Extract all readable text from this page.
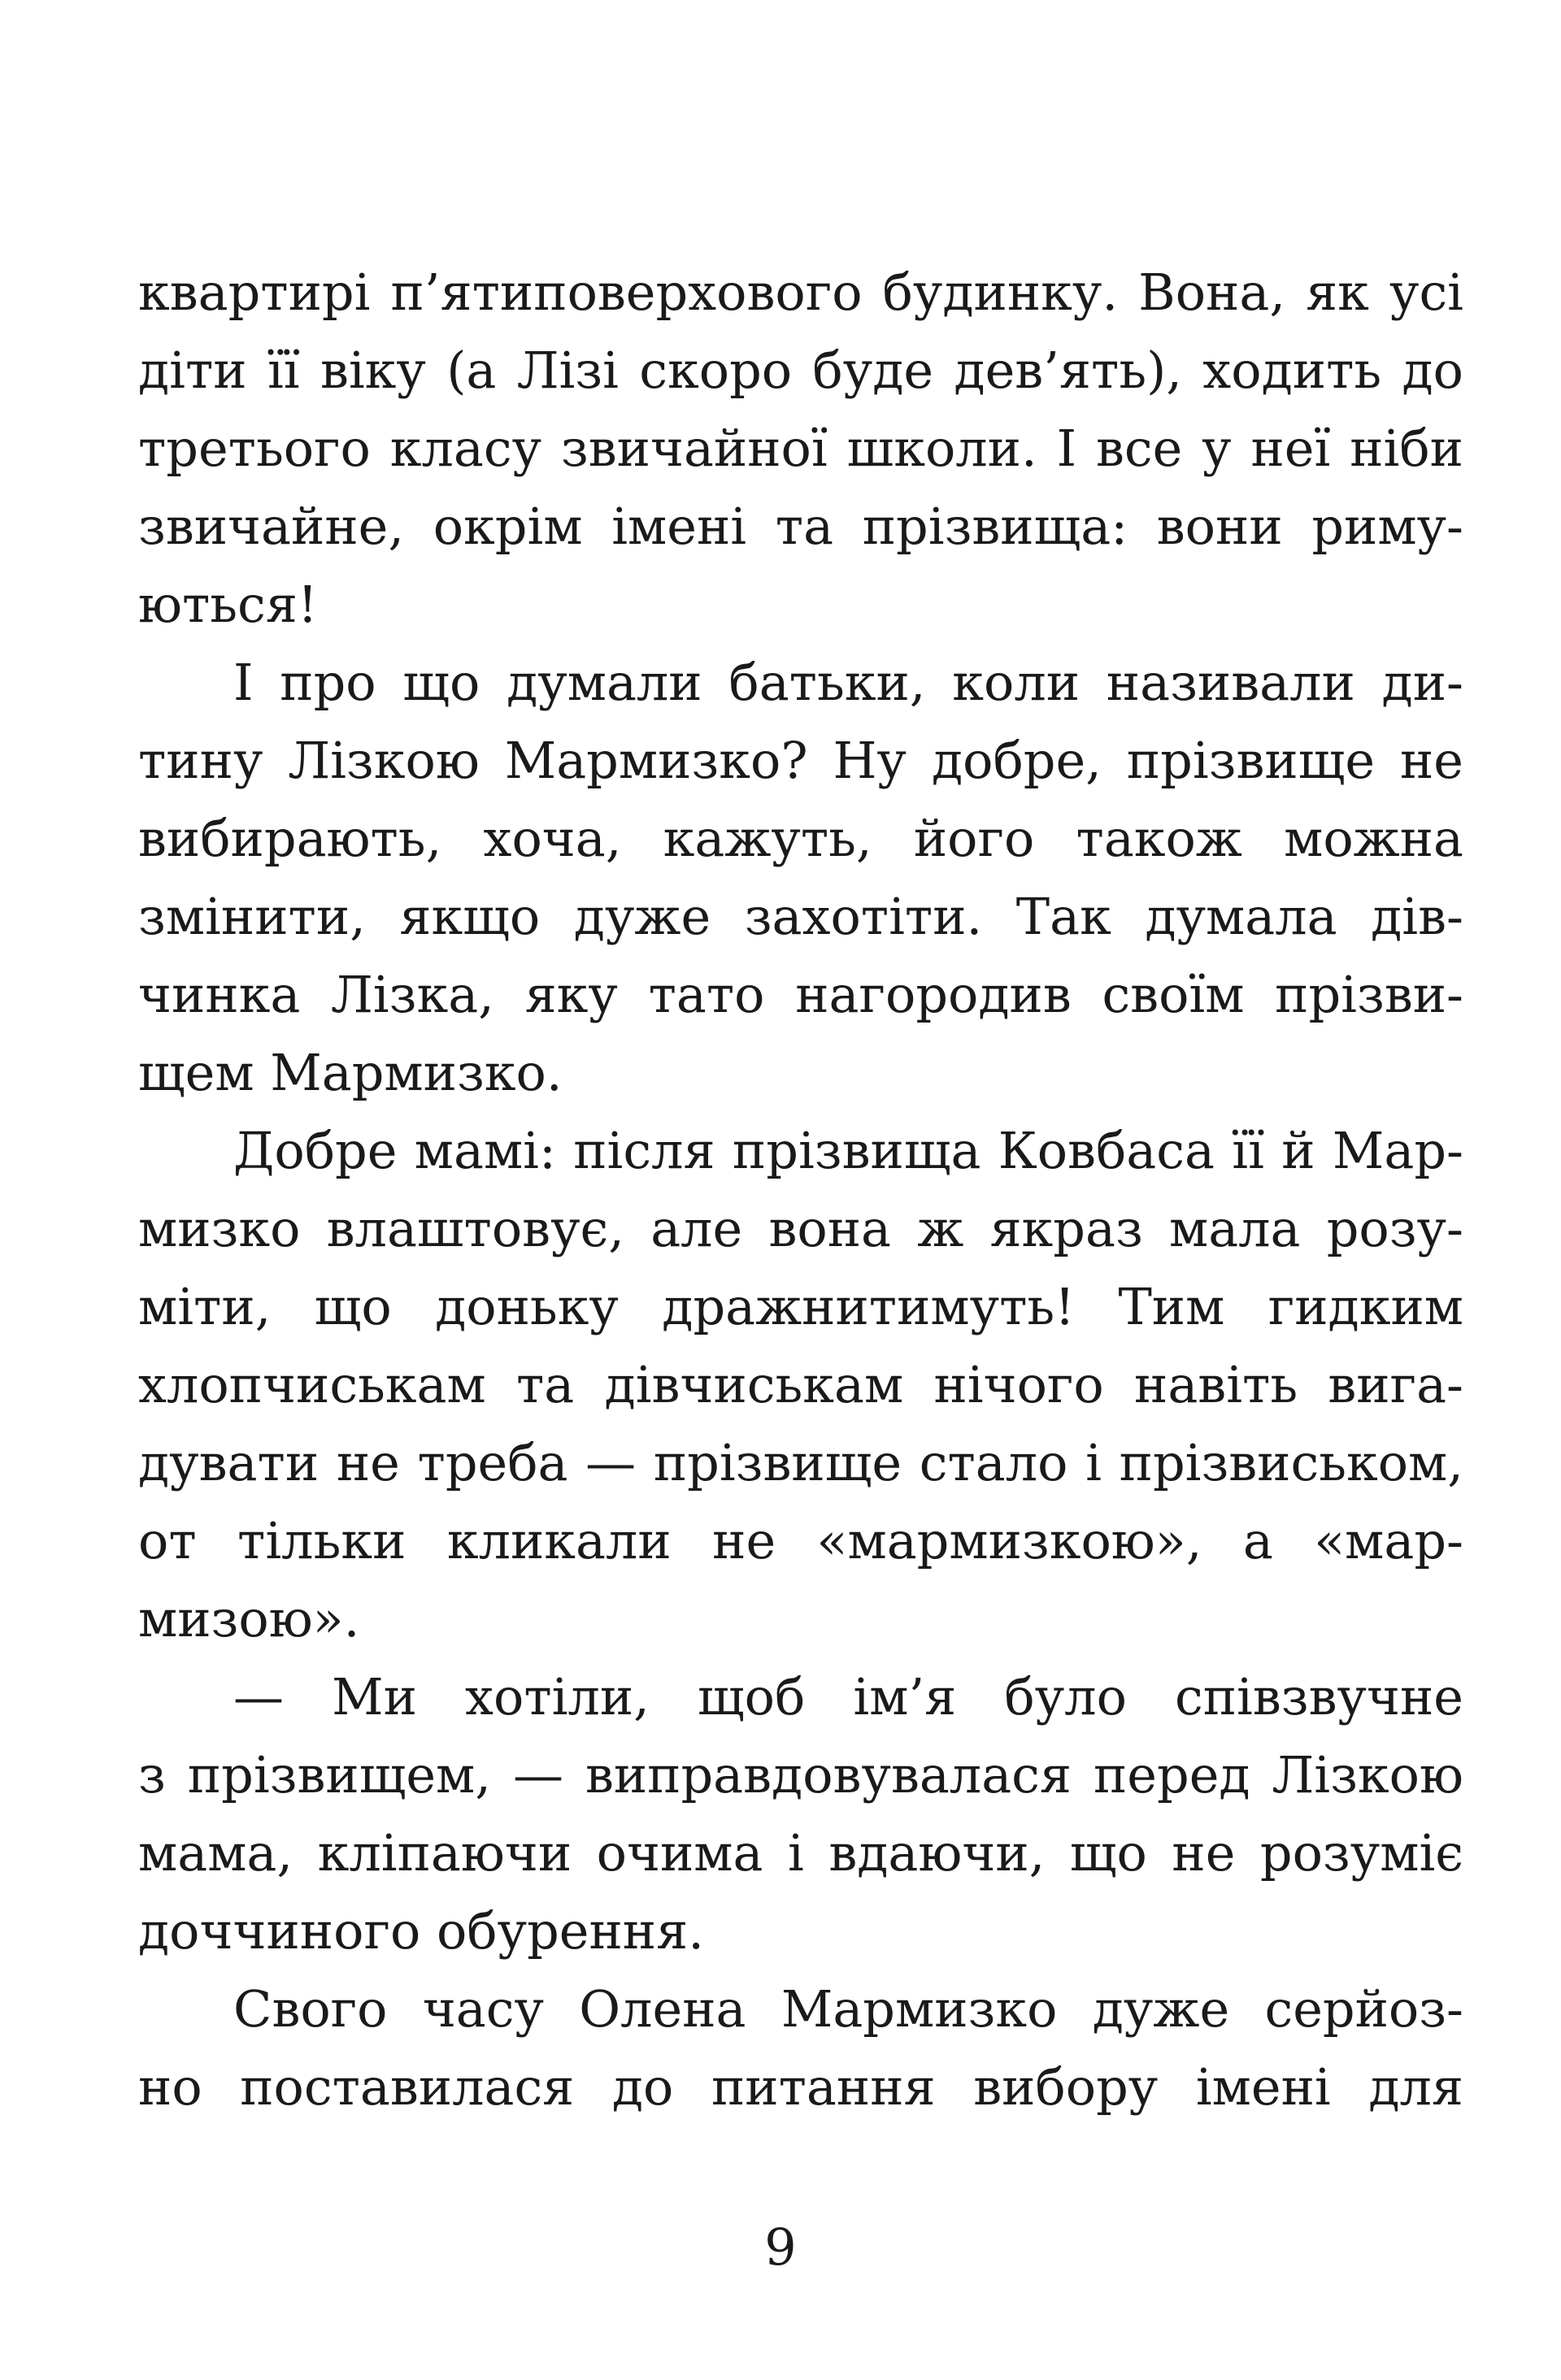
квартирі п’ятиповерхового будинку. Вона, як усі
діти її віку (а Лізі скоро буде дев’ять), ходить до
третього класу звичайної школи. І все у неї ніби
звичайне, окрім імені та прізвища: вони риму-
ються!
І про що думали батьки, коли називали ди-
тину Лізкою Мармизко? Ну добре, прізвище не
вибирають, хоча, кажуть, його також можна
змінити, якщо дуже захотіти. Так думала дів-
чинка Лізка, яку тато нагородив своїм прізви-
щем Мармизко.
Добре мамі: після прізвища Ковбаса її й Мар-
мизко влаштовує, але вона ж якраз мала розу-
міти, що доньку дражнитимуть! Тим гидким
хлопчиськам та дівчиськам нічого навіть вига-
дувати не треба — прізвище стало і прізвиськом,
от тільки кликали не «мармизкою», а «мар-
мизою».
— Ми хотіли, щоб ім’я було співзвучне
з прізвищем, — виправдовувалася перед Лізкою
мама, кліпаючи очима і вдаючи, що не розуміє
доччиного обурення.
Свого часу Олена Мармизко дуже серйоз-
но поставилася до питання вибору імені для
9
